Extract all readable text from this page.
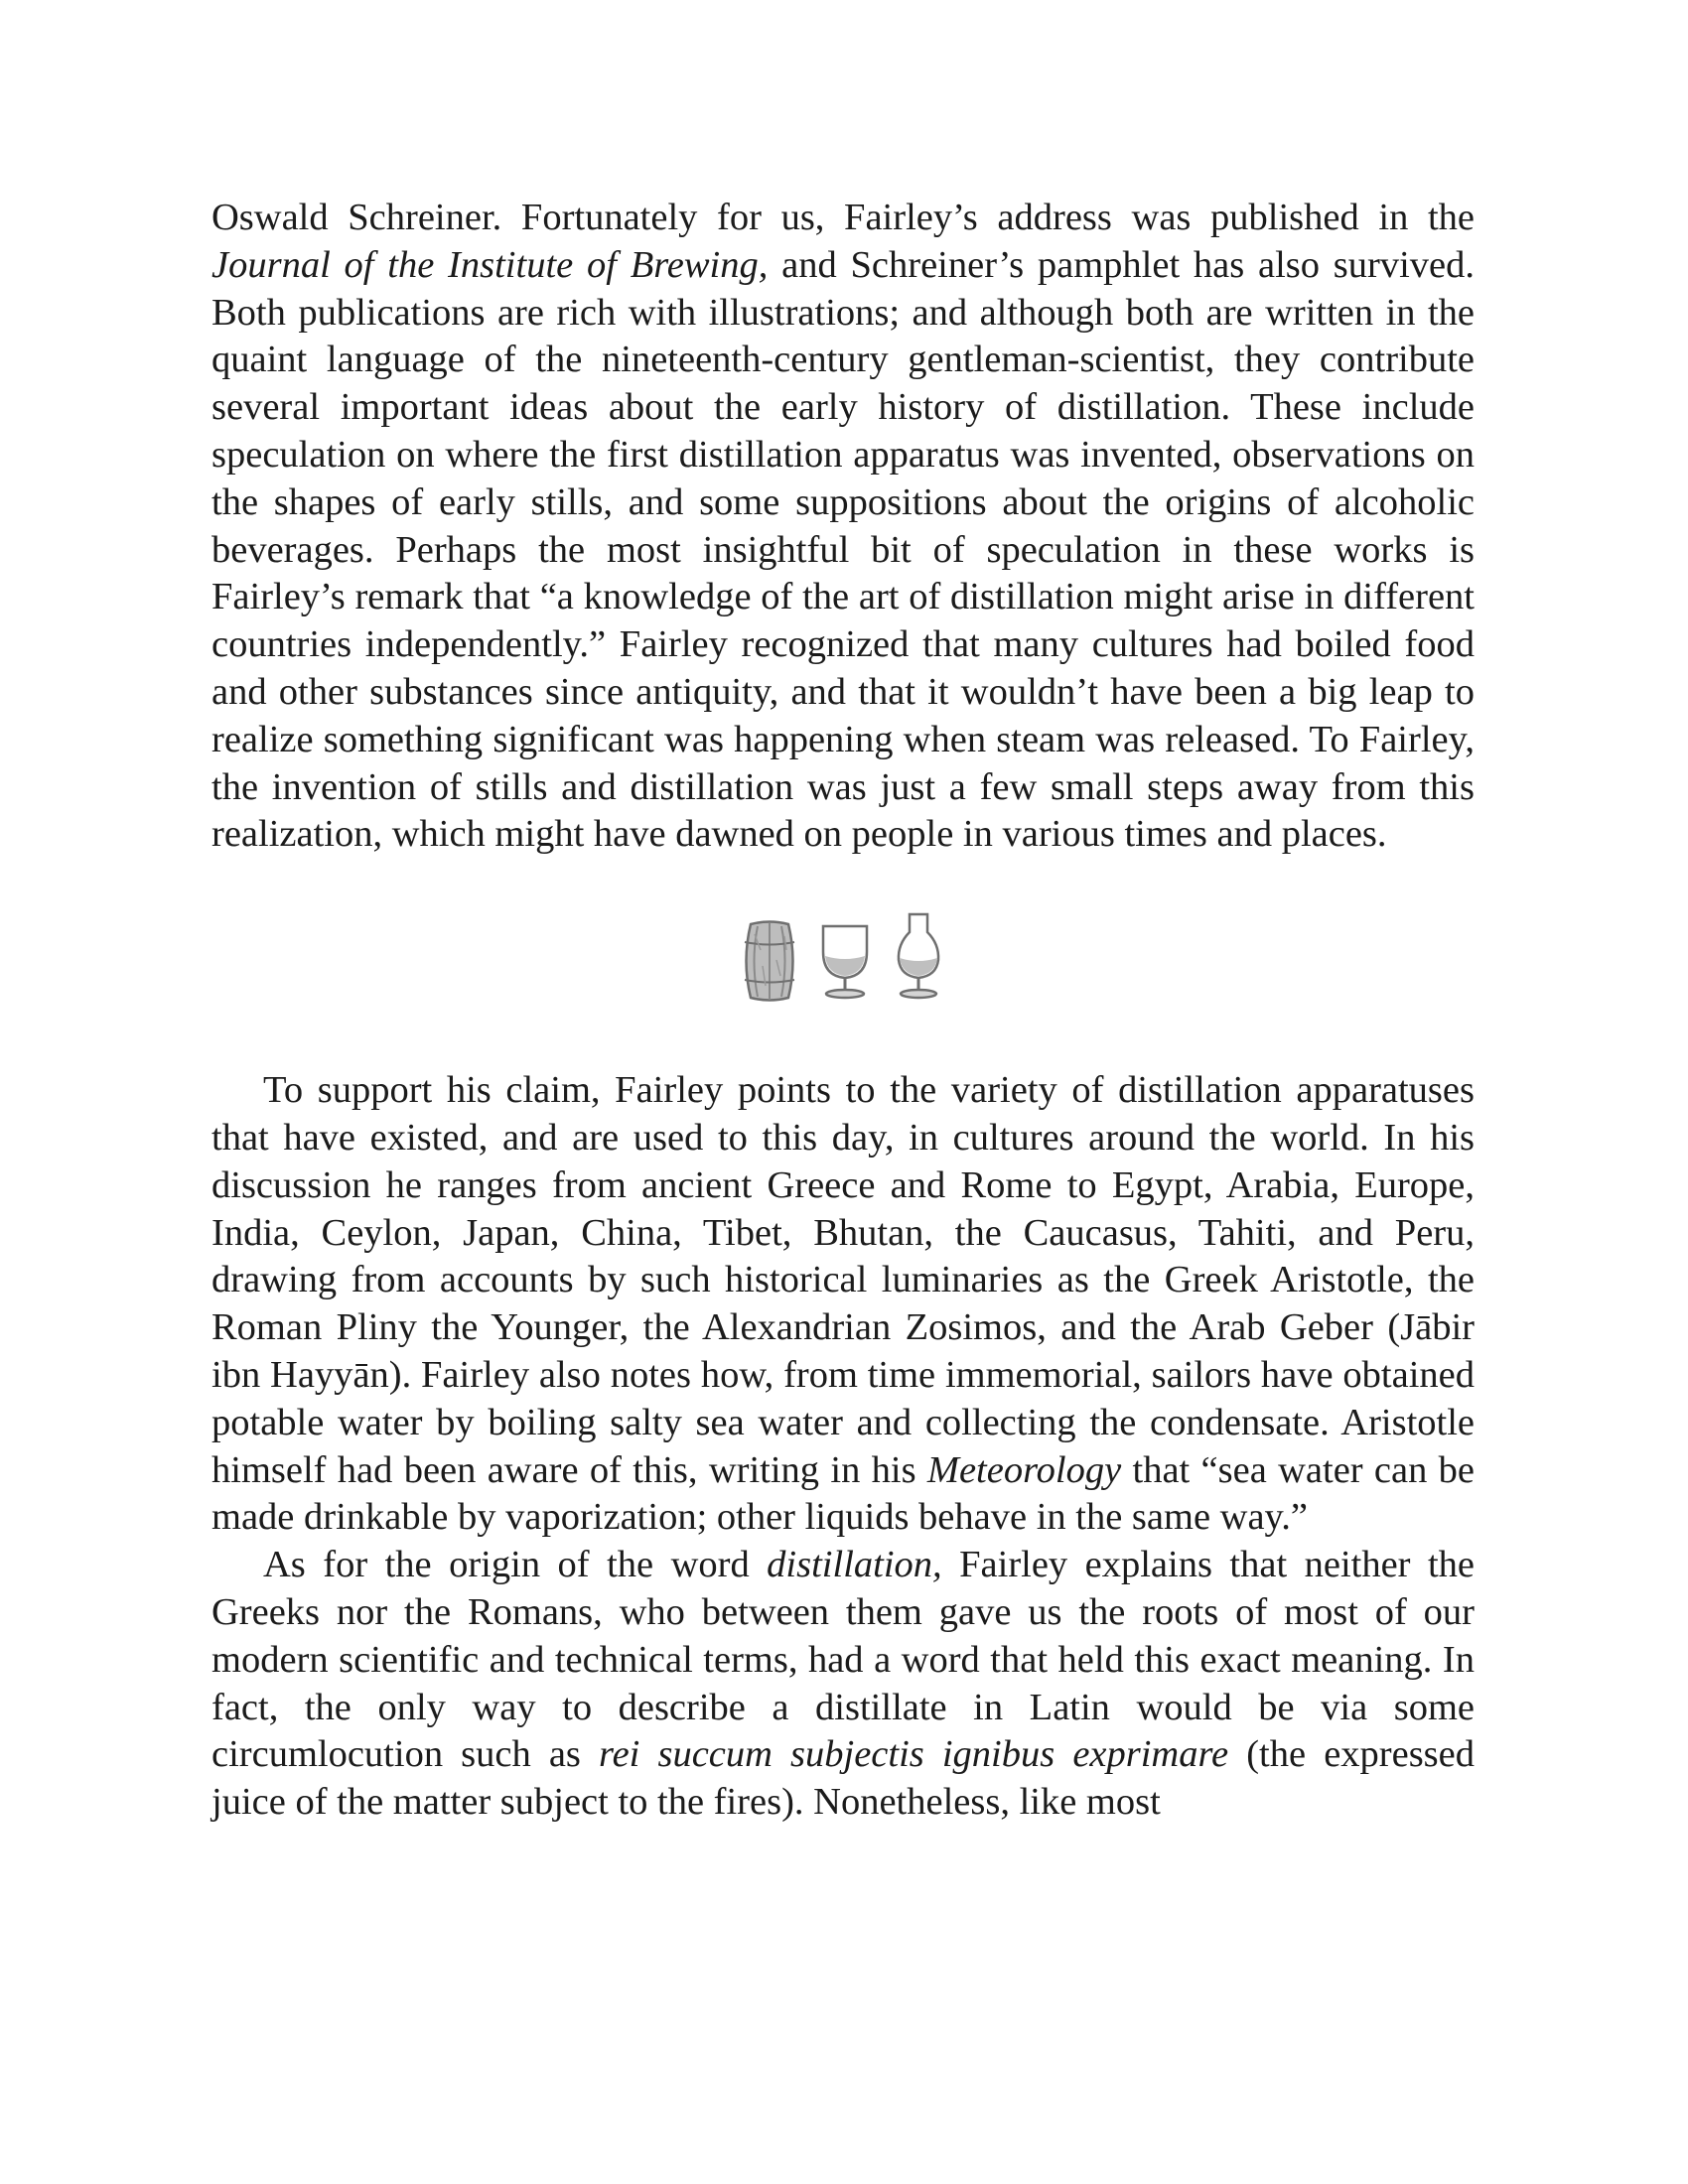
Oswald Schreiner. Fortunately for us, Fairley’s address was published in the Journal of the Institute of Brewing, and Schreiner’s pamphlet has also survived. Both publications are rich with illustrations; and although both are written in the quaint language of the nineteenth-century gentleman-scientist, they contribute several important ideas about the early history of distillation. These include speculation on where the first distillation apparatus was invented, observations on the shapes of early stills, and some suppositions about the origins of alcoholic beverages. Perhaps the most insightful bit of speculation in these works is Fairley’s remark that “a knowledge of the art of distillation might arise in different countries independently.” Fairley recognized that many cultures had boiled food and other substances since antiquity, and that it wouldn’t have been a big leap to realize something significant was happening when steam was released. To Fairley, the invention of stills and distillation was just a few small steps away from this realization, which might have dawned on people in various times and places.

To support his claim, Fairley points to the variety of distillation apparatuses that have existed, and are used to this day, in cultures around the world. In his discussion he ranges from ancient Greece and Rome to Egypt, Arabia, Europe, India, Ceylon, Japan, China, Tibet, Bhutan, the Caucasus, Tahiti, and Peru, drawing from accounts by such historical luminaries as the Greek Aristotle, the Roman Pliny the Younger, the Alexandrian Zosimos, and the Arab Geber (Jābir ibn Hayyān). Fairley also notes how, from time immemorial, sailors have obtained potable water by boiling salty sea water and collecting the condensate. Aristotle himself had been aware of this, writing in his Meteorology that “sea water can be made drinkable by vaporization; other liquids behave in the same way.”

As for the origin of the word distillation, Fairley explains that neither the Greeks nor the Romans, who between them gave us the roots of most of our modern scientific and technical terms, had a word that held this exact meaning. In fact, the only way to describe a distillate in Latin would be via some circumlocution such as rei succum subjectis ignibus exprimare (the expressed juice of the matter subject to the fires). Nonetheless, like most
